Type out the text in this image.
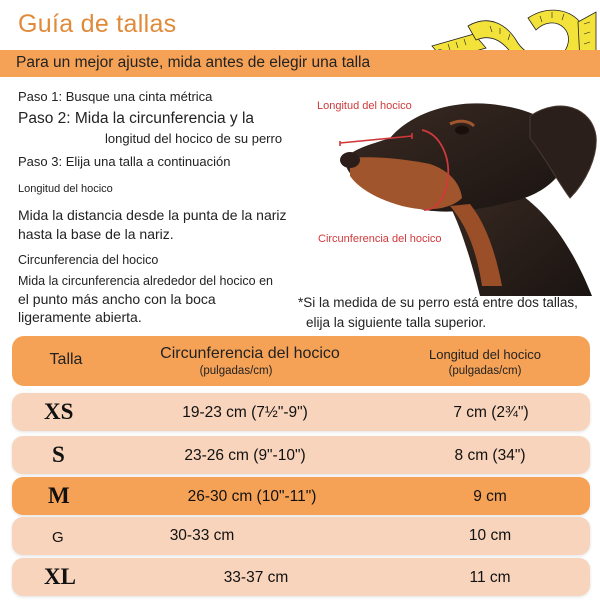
Guía de tallas
Para un mejor ajuste, mida antes de elegir una talla
Paso 1: Busque una cinta métrica
Paso 2: Mida la circunferencia y la
longitud del hocico de su perro
Paso 3: Elija una talla a continuación
Longitud del hocico
Mida la distancia desde la punta de la nariz
hasta la base de la nariz.
Circunferencia del hocico
Mida la circunferencia alrededor del hocico en
el punto más ancho con la boca
ligeramente abierta.
Longitud del hocico
Circunferencia del hocico
*Si la medida de su perro está entre dos tallas,
elija la siguiente talla superior.
Talla	Circunferencia del hocico
(pulgadas/cm)
Longitud del hocico
(pulgadas/cm)
XS	19-23 cm (7½"-9")	7 cm (2¾")
S	23-26 cm (9"-10")	8 cm (34")
M	26-30 cm (10"-11")	9 cm
G	30-33 cm	10 cm
XL	33-37 cm	11 cm
